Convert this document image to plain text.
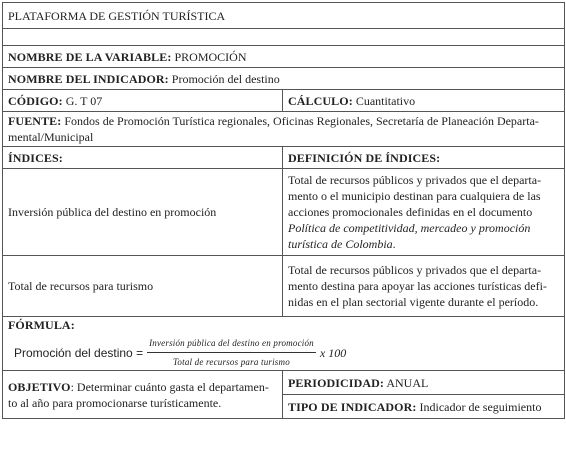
PLATAFORMA DE GESTIÓN TURÍSTICA	

NOMBRE DE LA VARIABLE: PROMOCIÓN	
NOMBRE DEL INDICADOR: Promoción del destino	
CÓDIGO: G. T 07	CÁLCULO: Cuantitativo
FUENTE: Fondos de Promoción Turística regionales, Oficinas Regionales, Secretaría de Planeación Departa-
mental/Municipal	
ÍNDICES:	DEFINICIÓN DE ÍNDICES:
Inversión pública del destino en promoción	Total de recursos públicos y privados que el departa-
mento o el municipio destinan para cualquiera de las
acciones promocionales definidas en el documento
Política de competitividad, mercadeo y promoción
turística de Colombia.
Total de recursos para turismo	Total de recursos públicos y privados que el departa-
mento destina para apoyar las acciones turísticas defi-
nidas en el plan sectorial vigente durante el período.

FÓRMULA:
Promoción del destino = $\frac{\text{Inversión pública del destino en promoción}}{\text{Total de recursos para turismo}}$ x 100	

OBJETIVO: Determinar cuánto gasta el departamen-
to al año para promocionarse turísticamente.	PERIODICIDAD: ANUAL
	TIPO DE INDICADOR: Indicador de seguimiento
